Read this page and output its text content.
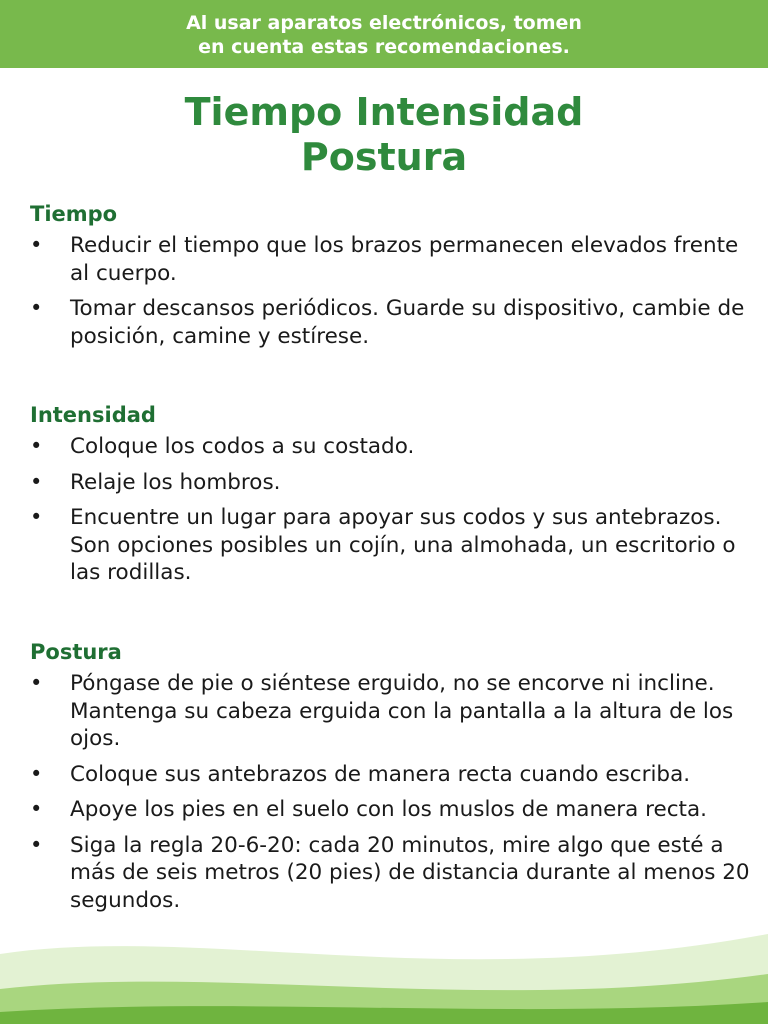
Al usar aparatos electrónicos, tomen
en cuenta estas recomendaciones.
Tiempo Intensidad
Postura
Tiempo
•	Reducir el tiempo que los brazos permanecen elevados frente al cuerpo.
•	Tomar descansos periódicos. Guarde su dispositivo, cambie de posición, camine y estírese.
Intensidad
•	Coloque los codos a su costado.
•	Relaje los hombros.
•	Encuentre un lugar para apoyar sus codos y sus antebrazos. Son opciones posibles un cojín, una almohada, un escritorio o las rodillas.
Postura
•	Póngase de pie o siéntese erguido, no se encorve ni incline. Mantenga su cabeza erguida con la pantalla a la altura de los ojos.
•	Coloque sus antebrazos de manera recta cuando escriba.
•	Apoye los pies en el suelo con los muslos de manera recta.
•	Siga la regla 20-6-20: cada 20 minutos, mire algo que esté a más de seis metros (20 pies) de distancia durante al menos 20 segundos.
